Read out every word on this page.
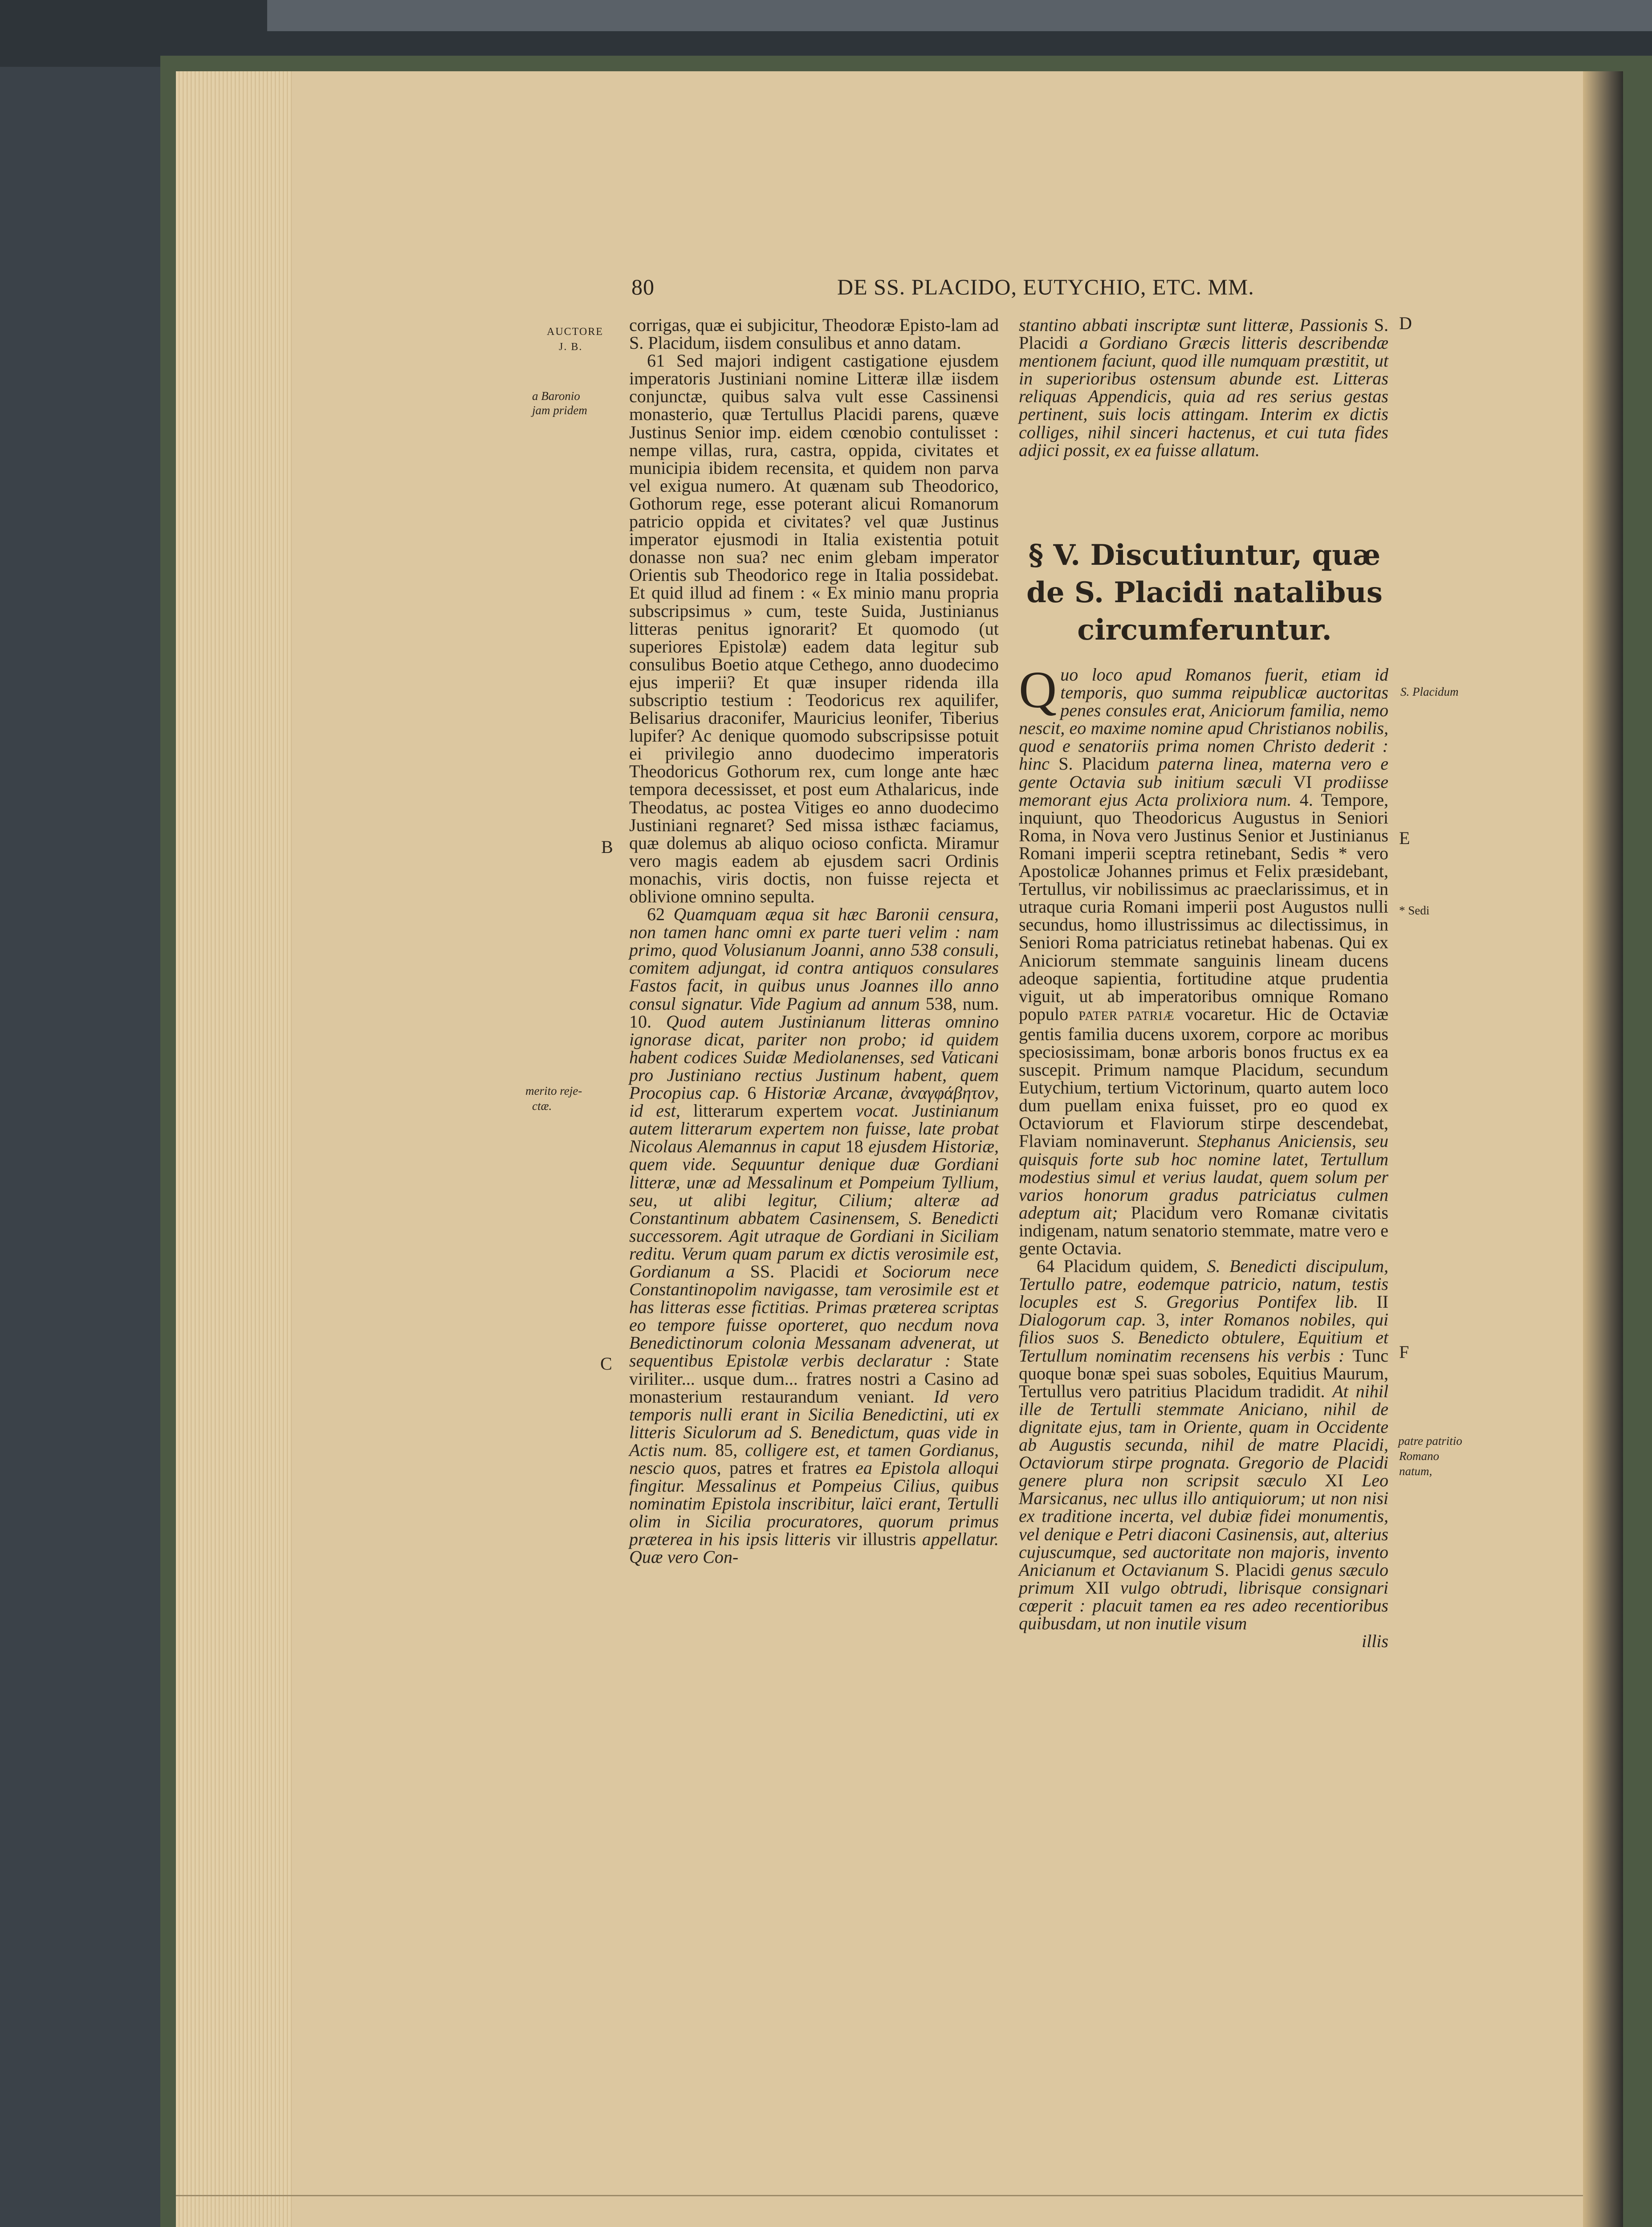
80	DE SS. PLACIDO, EUTYCHIO, ETC. MM.
AUCTORE
J. B.
a Baronio
jam pridem
merito reje-
ctæ.
B
C
D
E
F
S. Placidum
* Sedi
patre patritio
Romano
natum,

corrigas, quæ ei subjicitur, Theodoræ Episto-lam ad S. Placidum, iisdem consulibus et anno datam.

61 Sed majori indigent castigatione ejusdem imperatoris Justiniani nomine Litteræ illæ iisdem conjunctæ, quibus salva vult esse Cassinensi monasterio, quæ Tertullus Placidi parens, quæve Justinus Senior imp. eidem cœnobio contulisset : nempe villas, rura, castra, oppida, civitates et municipia ibidem recensita, et quidem non parva vel exigua numero. At quænam sub Theodorico, Gothorum rege, esse poterant alicui Romanorum patricio oppida et civitates? vel quæ Justinus imperator ejusmodi in Italia existentia potuit donasse non sua? nec enim glebam imperator Orientis sub Theodorico rege in Italia possidebat. Et quid illud ad finem : « Ex minio manu propria subscripsimus » cum, teste Suida, Justinianus litteras penitus ignorarit? Et quomodo (ut superiores Epistolæ) eadem data legitur sub consulibus Boetio atque Cethego, anno duodecimo ejus imperii? Et quæ insuper ridenda illa subscriptio testium : Teodoricus rex aquilifer, Belisarius draconifer, Mauricius leonifer, Tiberius lupifer? Ac denique quomodo subscripsisse potuit ei privilegio anno duodecimo imperatoris Theodoricus Gothorum rex, cum longe ante hæc tempora decessisset, et post eum Athalaricus, inde Theodatus, ac postea Vitiges eo anno duodecimo Justiniani regnaret? Sed missa isthæc faciamus, quæ dolemus ab aliquo ocioso conficta. Miramur vero magis eadem ab ejusdem sacri Ordinis monachis, viris doctis, non fuisse rejecta et oblivione omnino sepulta.

62 Quamquam æqua sit hæc Baronii censura, non tamen hanc omni ex parte tueri velim : nam primo, quod Volusianum Joanni, anno 538 consuli, comitem adjungat, id contra antiquos consulares Fastos facit, in quibus unus Joannes illo anno consul signatur. Vide Pagium ad annum 538, num. 10. Quod autem Justinianum litteras omnino ignorase dicat, pariter non probo; id quidem habent codices Suidæ Mediolanenses, sed Vaticani pro Justiniano rectius Justinum habent, quem Procopius cap. 6 Historiæ Arcanæ, ἀναγφάβητον, id est, litterarum expertem vocat. Justinianum autem litterarum expertem non fuisse, late probat Nicolaus Alemannus in caput 18 ejusdem Historiæ, quem vide. Sequuntur denique duæ Gordiani litteræ, unæ ad Messalinum et Pompeium Tyllium, seu, ut alibi legitur, Cilium; alteræ ad Constantinum abbatem Casinensem, S. Benedicti successorem. Agit utraque de Gordiani in Siciliam reditu. Verum quam parum ex dictis verosimile est, Gordianum a SS. Placidi et Sociorum nece Constantinopolim navigasse, tam verosimile est et has litteras esse fictitias. Primas præterea scriptas eo tempore fuisse oporteret, quo necdum nova Benedictinorum colonia Messanam advenerat, ut sequentibus Epistolæ verbis declaratur : State viriliter... usque dum... fratres nostri a Casino ad monasterium restaurandum veniant. Id vero temporis nulli erant in Sicilia Benedictini, uti ex litteris Siculorum ad S. Benedictum, quas vide in Actis num. 85, colligere est, et tamen Gordianus, nescio quos, patres et fratres ea Epistola alloqui fingitur. Messalinus et Pompeius Cilius, quibus nominatim Epistola inscribitur, laïci erant, Tertulli olim in Sicilia procuratores, quorum primus præterea in his ipsis litteris vir illustris appellatur. Quæ vero Con-

stantino abbati inscriptæ sunt litteræ, Passionis S. Placidi a Gordiano Græcis litteris describendæ mentionem faciunt, quod ille numquam præstitit, ut in superioribus ostensum abunde est. Litteras reliquas Appendicis, quia ad res serius gestas pertinent, suis locis attingam. Interim ex dictis colliges, nihil sinceri hactenus, et cui tuta fides adjici possit, ex ea fuisse allatum.

§ V. Discutiuntur, quæ de S. Placidi natalibus circumferuntur.

Quo loco apud Romanos fuerit, etiam id temporis, quo summa reipublicæ auctoritas penes consules erat, Aniciorum familia, nemo nescit, eo maxime nomine apud Christianos nobilis, quod e senatoriis prima nomen Christo dederit : hinc S. Placidum paterna linea, materna vero e gente Octavia sub initium sæculi VI prodiisse memorant ejus Acta prolixiora num. 4. Tempore, inquiunt, quo Theodoricus Augustus in Seniori Roma, in Nova vero Justinus Senior et Justinianus Romani imperii sceptra retinebant, Sedis * vero Apostolicæ Johannes primus et Felix præsidebant, Tertullus, vir nobilissimus ac praeclarissimus, et in utraque curia Romani imperii post Augustos nulli secundus, homo illustrissimus ac dilectissimus, in Seniori Roma patriciatus retinebat habenas. Qui ex Aniciorum stemmate sanguinis lineam ducens adeoque sapientia, fortitudine atque prudentia viguit, ut ab imperatoribus omnique Romano populo PATER PATRIÆ vocaretur. Hic de Octaviæ gentis familia ducens uxorem, corpore ac moribus speciosissimam, bonæ arboris bonos fructus ex ea suscepit. Primum namque Placidum, secundum Eutychium, tertium Victorinum, quarto autem loco dum puellam enixa fuisset, pro eo quod ex Octaviorum et Flaviorum stirpe descendebat, Flaviam nominaverunt. Stephanus Aniciensis, seu quisquis forte sub hoc nomine latet, Tertullum modestius simul et verius laudat, quem solum per varios honorum gradus patriciatus culmen adeptum ait; Placidum vero Romanæ civitatis indigenam, natum senatorio stemmate, matre vero e gente Octavia.

64 Placidum quidem, S. Benedicti discipulum, Tertullo patre, eodemque patricio, natum, testis locuples est S. Gregorius Pontifex lib. II Dialogorum cap. 3, inter Romanos nobiles, qui filios suos S. Benedicto obtulere, Equitium et Tertullum nominatim recensens his verbis : Tunc quoque bonæ spei suas soboles, Equitius Maurum, Tertullus vero patritius Placidum tradidit. At nihil ille de Tertulli stemmate Aniciano, nihil de dignitate ejus, tam in Oriente, quam in Occidente ab Augustis secunda, nihil de matre Placidi, Octaviorum stirpe prognata. Gregorio de Placidi genere plura non scripsit sæculo XI Leo Marsicanus, nec ullus illo antiquiorum; ut non nisi ex traditione incerta, vel dubiæ fidei monumentis, vel denique e Petri diaconi Casinensis, aut, alterius cujuscumque, sed auctoritate non majoris, invento Anicianum et Octavianum S. Placidi genus sæculo primum XII vulgo obtrudi, librisque consignari cœperit : placuit tamen ea res adeo recentioribus quibusdam, ut non inutile visum

illis
